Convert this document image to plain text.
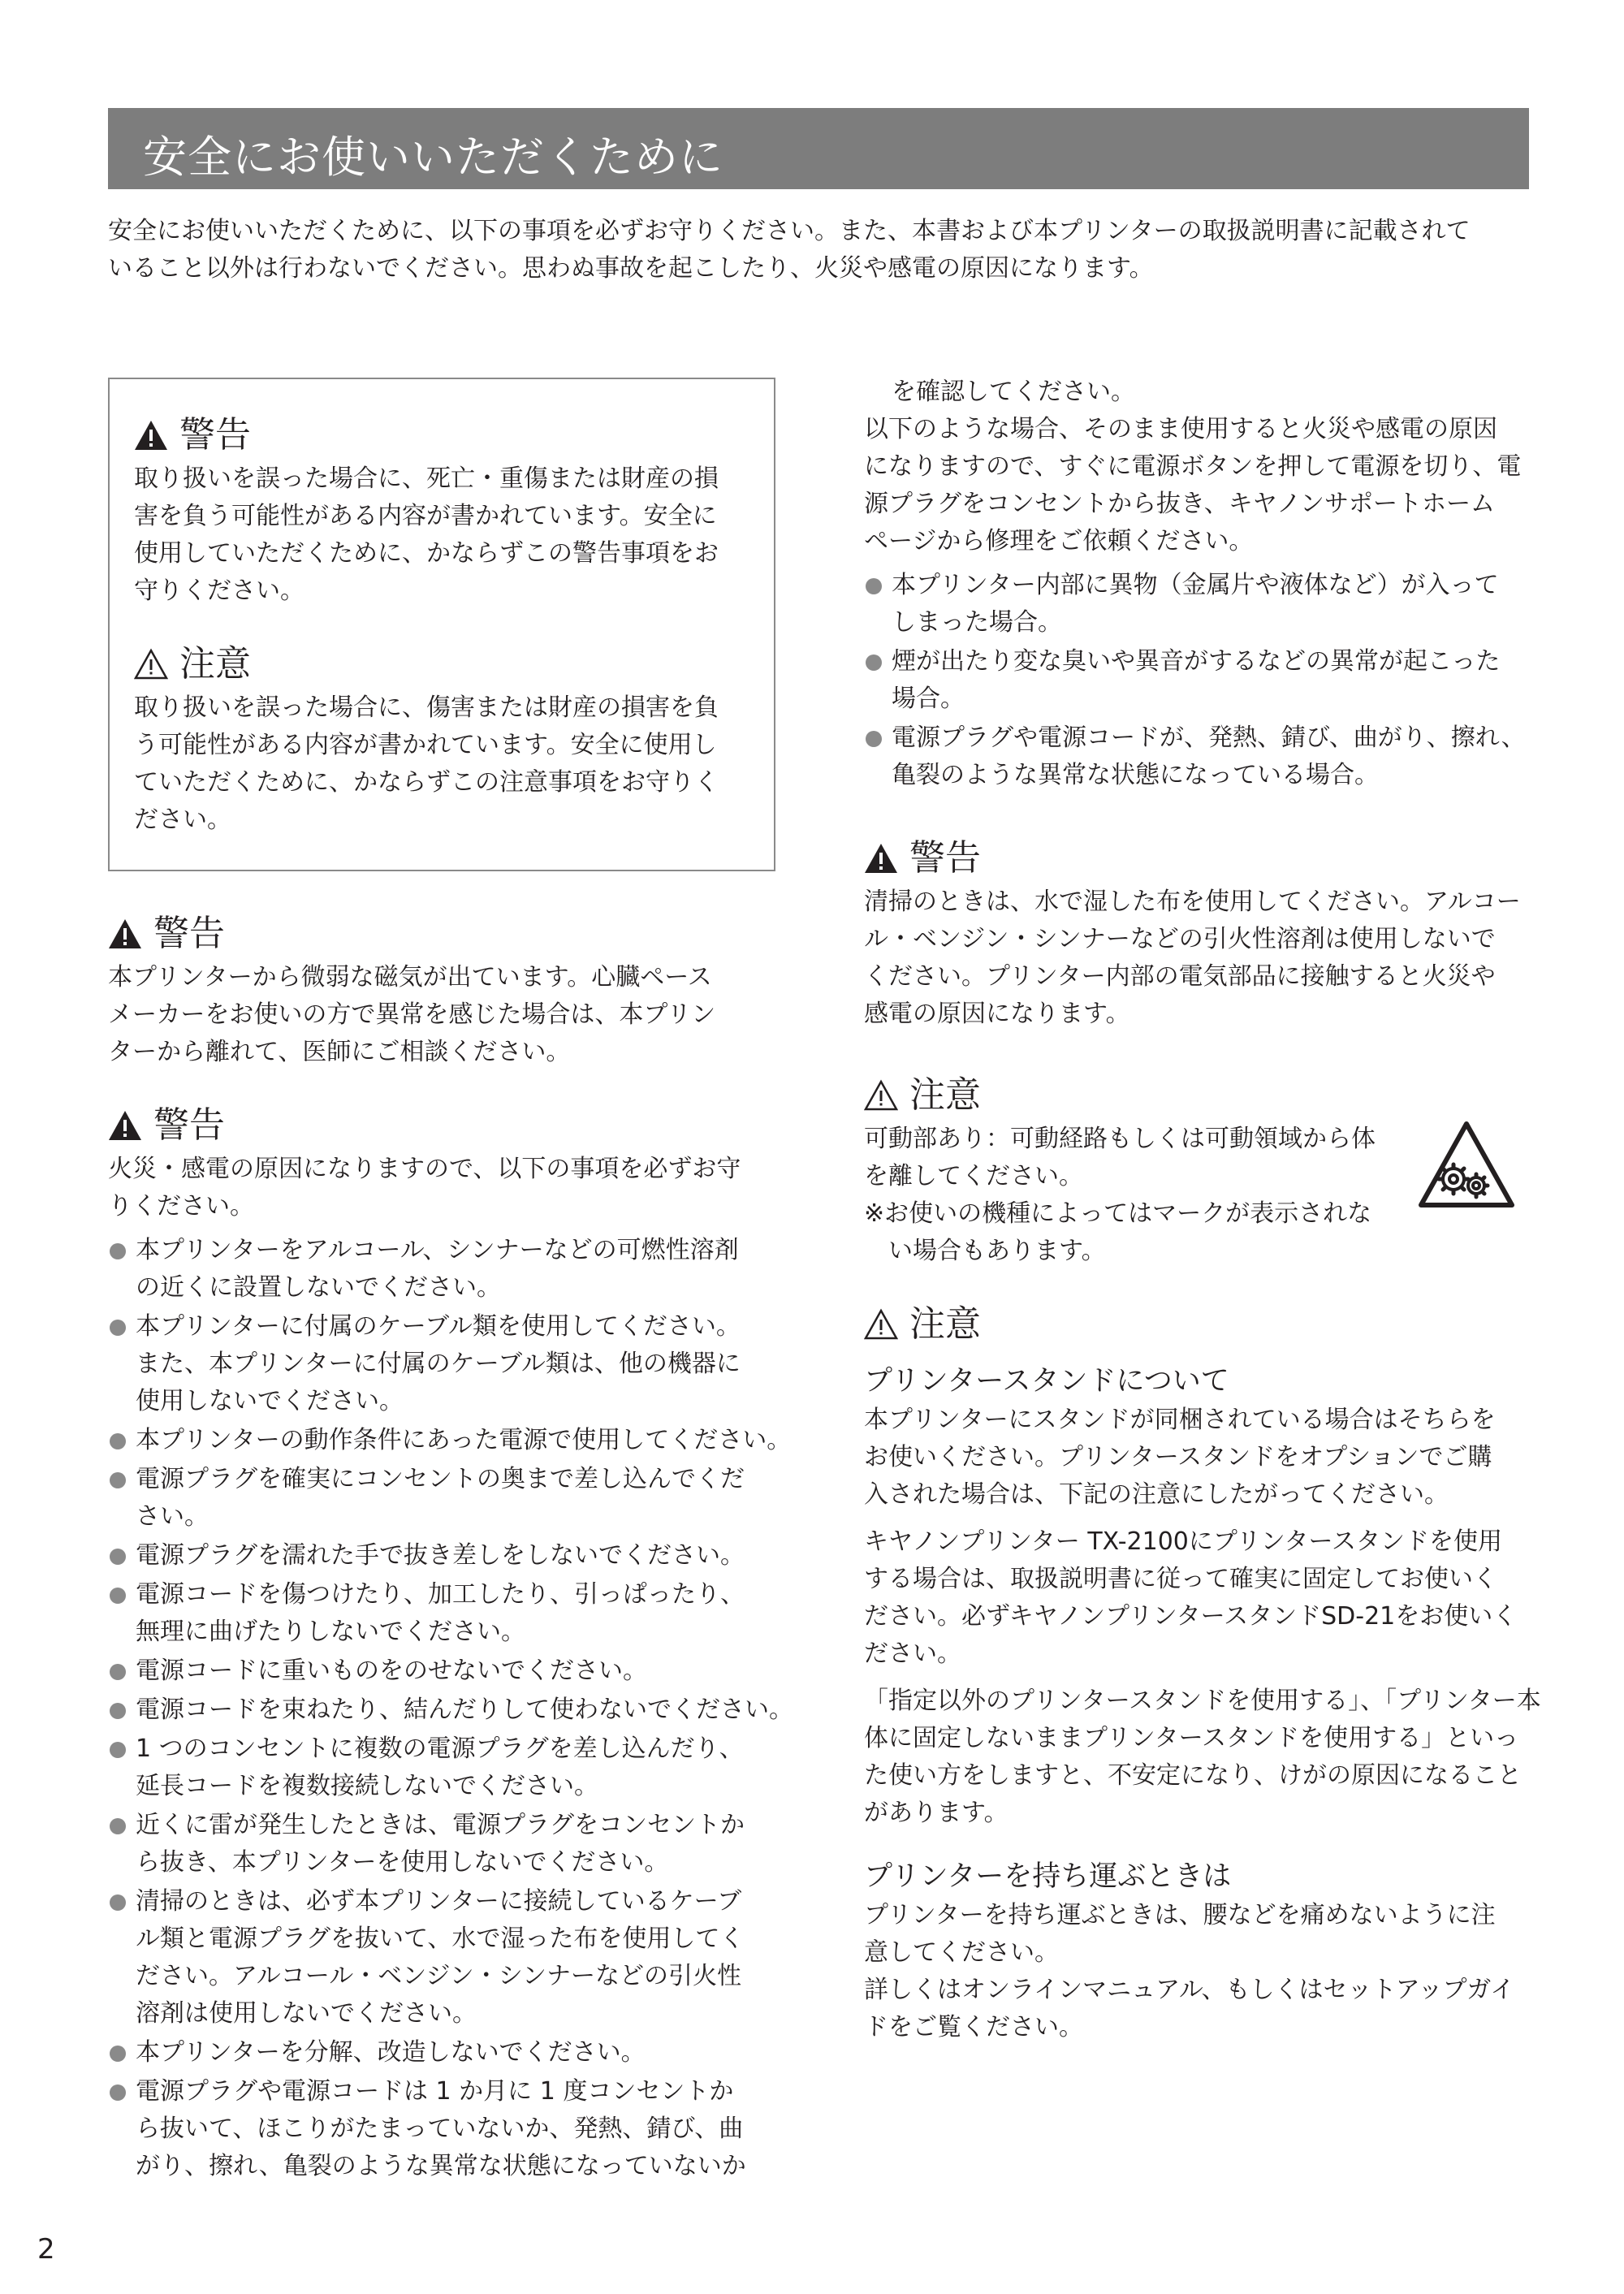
安全にお使いいただくために

安全にお使いいただくために、以下の事項を必ずお守りください。また、本書および本プリンターの取扱説明書に記載されて

いること以外は行わないでください。思わぬ事故を起こしたり、火災や感電の原因になります。

警告

取り扱いを誤った場合に、死亡・重傷または財産の損
害を負う可能性がある内容が書かれています。安全に
使用していただくために、かならずこの警告事項をお
守りください。

注意

取り扱いを誤った場合に、傷害または財産の損害を負
う可能性がある内容が書かれています。安全に使用し
ていただくために、かならずこの注意事項をお守りく
ださい。

警告

本プリンターから微弱な磁気が出ています。心臓ペース
メーカーをお使いの方で異常を感じた場合は、本プリン
ターから離れて、医師にご相談ください。

警告

火災・感電の原因になりますので、以下の事項を必ずお守
りください。

本プリンターをアルコール、シンナーなどの可燃性溶剤
の近くに設置しないでください。
本プリンターに付属のケーブル類を使用してください。
また、本プリンターに付属のケーブル類は、他の機器に
使用しないでください。
本プリンターの動作条件にあった電源で使用してください。
電源プラグを確実にコンセントの奥まで差し込んでくだ
さい。
電源プラグを濡れた手で抜き差しをしないでください。
電源コードを傷つけたり、加工したり、引っぱったり、
無理に曲げたりしないでください。
電源コードに重いものをのせないでください。
電源コードを束ねたり、結んだりして使わないでください。
1 つのコンセントに複数の電源プラグを差し込んだり、
延長コードを複数接続しないでください。
近くに雷が発生したときは、電源プラグをコンセントか
ら抜き、本プリンターを使用しないでください。
清掃のときは、必ず本プリンターに接続しているケーブ
ル類と電源プラグを抜いて、水で湿った布を使用してく
ださい。アルコール・ベンジン・シンナーなどの引火性
溶剤は使用しないでください。
本プリンターを分解、改造しないでください。
電源プラグや電源コードは 1 か月に 1 度コンセントか
ら抜いて、ほこりがたまっていないか、発熱、錆び、曲
がり、擦れ、亀裂のような異常な状態になっていないか

を確認してください。

以下のような場合、そのまま使用すると火災や感電の原因
になりますので、すぐに電源ボタンを押して電源を切り、電
源プラグをコンセントから抜き、キヤノンサポートホーム
ページから修理をご依頼ください。

本プリンター内部に異物（金属片や液体など）が入って
しまった場合。
煙が出たり変な臭いや異音がするなどの異常が起こった
場合。
電源プラグや電源コードが、発熱、錆び、曲がり、擦れ、
亀裂のような異常な状態になっている場合。
警告

清掃のときは、水で湿した布を使用してください。アルコー
ル・ベンジン・シンナーなどの引火性溶剤は使用しないで
ください。プリンター内部の電気部品に接触すると火災や
感電の原因になります。

注意

可動部あり：可動経路もしくは可動領域から体
を離してください。
※お使いの機種によってはマークが表示されな
　い場合もあります。

注意

プリンタースタンドについて

本プリンターにスタンドが同梱されている場合はそちらを
お使いください。プリンタースタンドをオプションでご購
入された場合は、下記の注意にしたがってください。

キヤノンプリンター TX-2100にプリンタースタンドを使用
する場合は、取扱説明書に従って確実に固定してお使いく
ださい。必ずキヤノンプリンタースタンドSD-21をお使いく
ださい。

「指定以外のプリンタースタンドを使用する」、「プリンター本
体に固定しないままプリンタースタンドを使用する」といっ
た使い方をしますと、不安定になり、けがの原因になること
があります。

プリンターを持ち運ぶときは

プリンターを持ち運ぶときは、腰などを痛めないように注
意してください。
詳しくはオンラインマニュアル、もしくはセットアップガイ
ドをご覧ください。

2
